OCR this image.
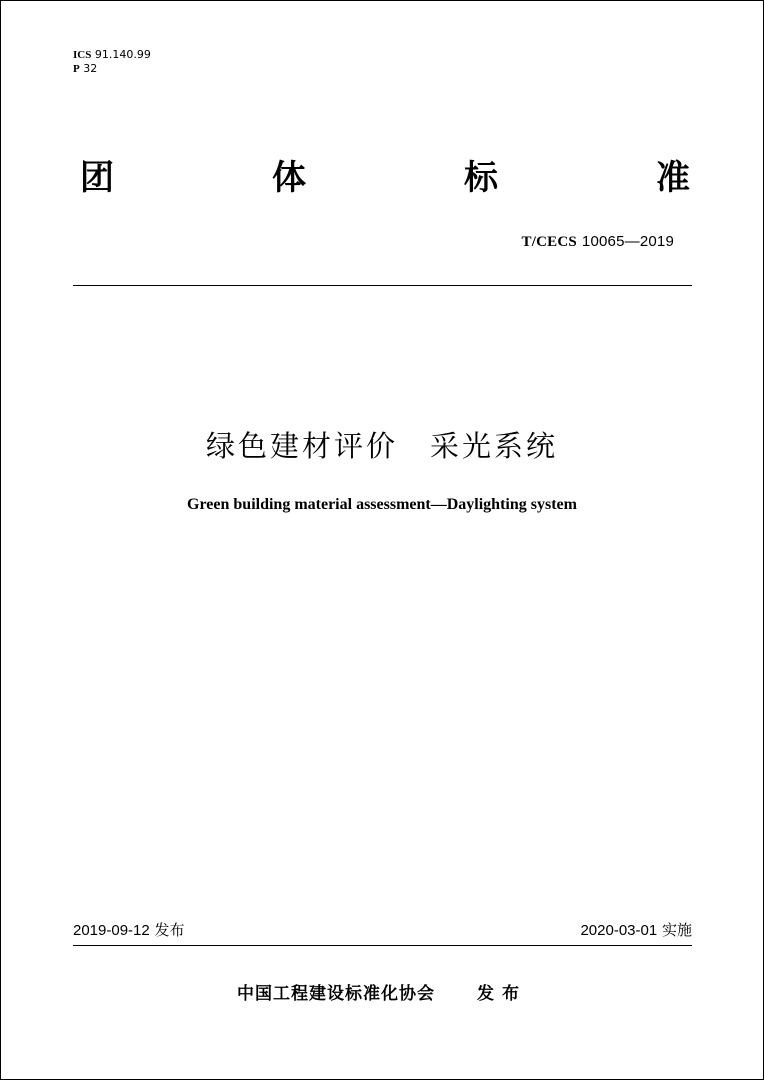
ICS 91.140.99
P 32
团	体	标	准
T/CECS 10065—2019
绿色建材评价　采光系统
Green building material assessment—Daylighting system
2019-09-12 发布	2020-03-01 实施
中国工程建设标准化协会 发布
